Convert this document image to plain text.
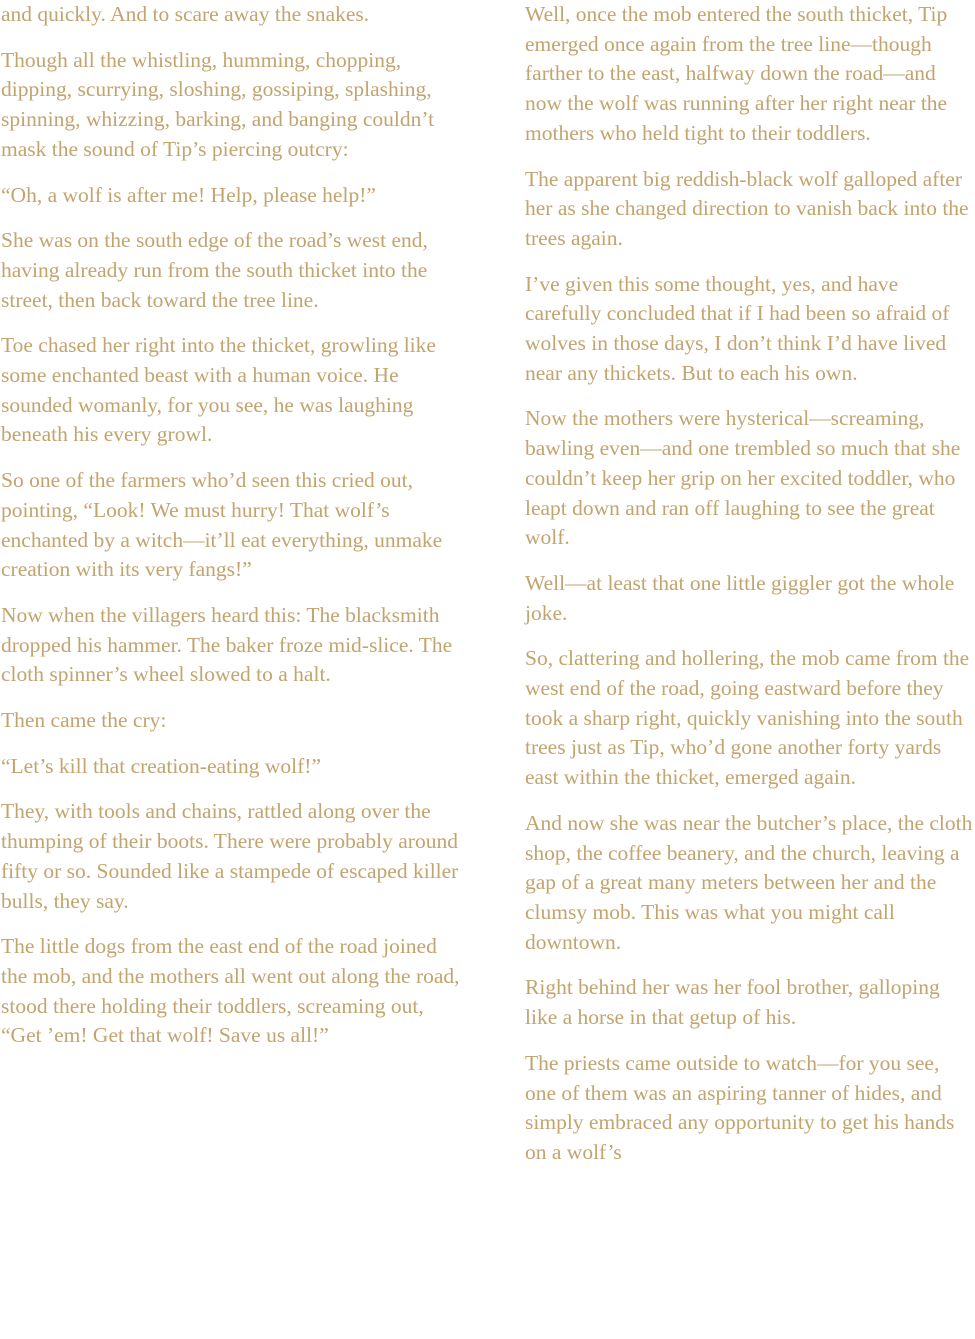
and quickly. And to scare away the snakes.

Though all the whistling, humming, chopping, dipping, scurrying, sloshing, gossiping, splashing, spinning, whizzing, barking, and banging couldn’t mask the sound of Tip’s piercing outcry:

“Oh, a wolf is after me! Help, please help!”

She was on the south edge of the road’s west end, having already run from the south thicket into the street, then back toward the tree line.

Toe chased her right into the thicket, growling like some enchanted beast with a human voice. He sounded womanly, for you see, he was laughing beneath his every growl.

So one of the farmers who’d seen this cried out, pointing, “Look! We must hurry! That wolf’s enchanted by a witch—it’ll eat everything, unmake creation with its very fangs!”

Now when the villagers heard this: The blacksmith dropped his hammer. The baker froze mid-slice. The cloth spinner’s wheel slowed to a halt.

Then came the cry:

“Let’s kill that creation-eating wolf!”

They, with tools and chains, rattled along over the thumping of their boots. There were probably around fifty or so. Sounded like a stampede of escaped killer bulls, they say.

The little dogs from the east end of the road joined the mob, and the mothers all went out along the road, stood there holding their toddlers, screaming out, “Get ’em! Get that wolf! Save us all!”

Well, once the mob entered the south thicket, Tip emerged once again from the tree line—though farther to the east, halfway down the road—and now the wolf was running after her right near the mothers who held tight to their toddlers.

The apparent big reddish-black wolf galloped after her as she changed direction to vanish back into the trees again.

I’ve given this some thought, yes, and have carefully concluded that if I had been so afraid of wolves in those days, I don’t think I’d have lived near any thickets. But to each his own.

Now the mothers were hysterical—screaming, bawling even—and one trembled so much that she couldn’t keep her grip on her excited toddler, who leapt down and ran off laughing to see the great wolf.

Well—at least that one little giggler got the whole joke.

So, clattering and hollering, the mob came from the west end of the road, going eastward before they took a sharp right, quickly vanishing into the south trees just as Tip, who’d gone another forty yards east within the thicket, emerged again.

And now she was near the butcher’s place, the cloth shop, the coffee beanery, and the church, leaving a gap of a great many meters between her and the clumsy mob. This was what you might call downtown.

Right behind her was her fool brother, galloping like a horse in that getup of his.

The priests came outside to watch—for you see, one of them was an aspiring tanner of hides, and simply embraced any opportunity to get his hands on a wolf’s
